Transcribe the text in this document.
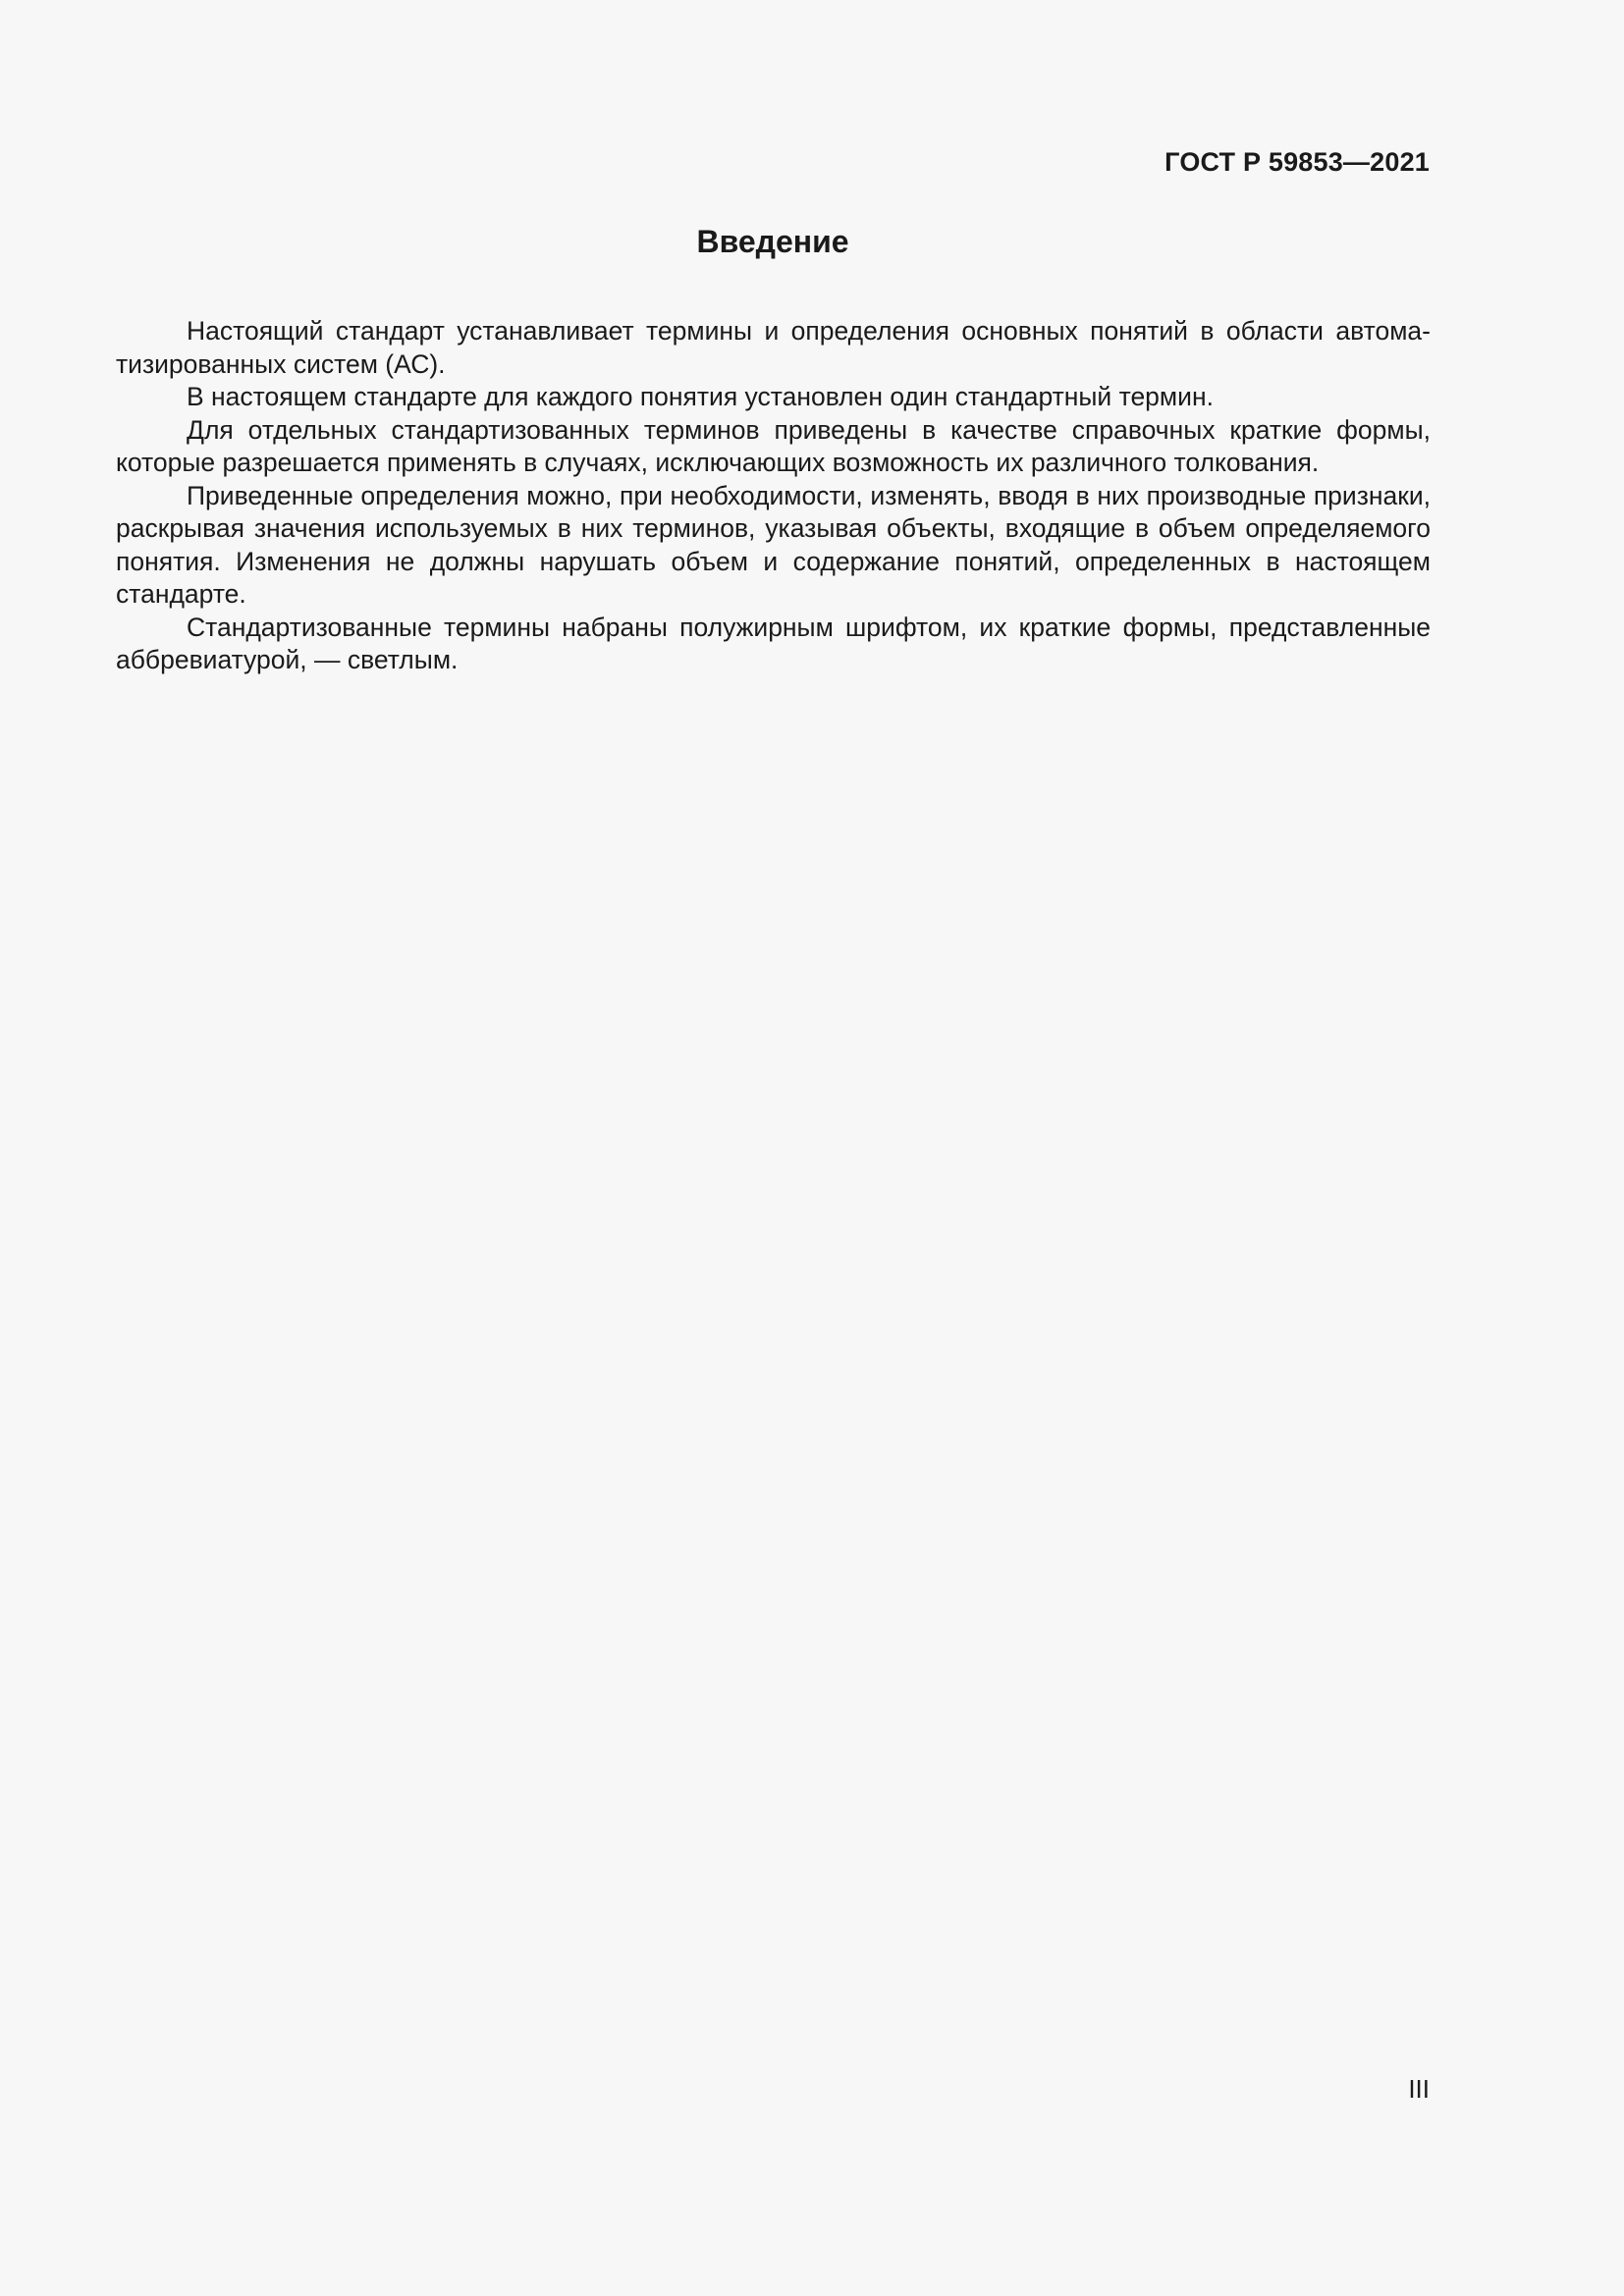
ГОСТ Р 59853—2021

Введение

Настоящий стандарт устанавливает термины и определения основных понятий в области автоматизированных систем (АС).

В настоящем стандарте для каждого понятия установлен один стандартный термин.

Для отдельных стандартизованных терминов приведены в качестве справочных краткие формы, которые разрешается применять в случаях, исключающих возможность их различного толкования.

Приведенные определения можно, при необходимости, изменять, вводя в них производные признаки, раскрывая значения используемых в них терминов, указывая объекты, входящие в объем определяемого понятия. Изменения не должны нарушать объем и содержание понятий, определенных в настоящем стандарте.

Стандартизованные термины набраны полужирным шрифтом, их краткие формы, представленные аббревиатурой, — светлым.

III
